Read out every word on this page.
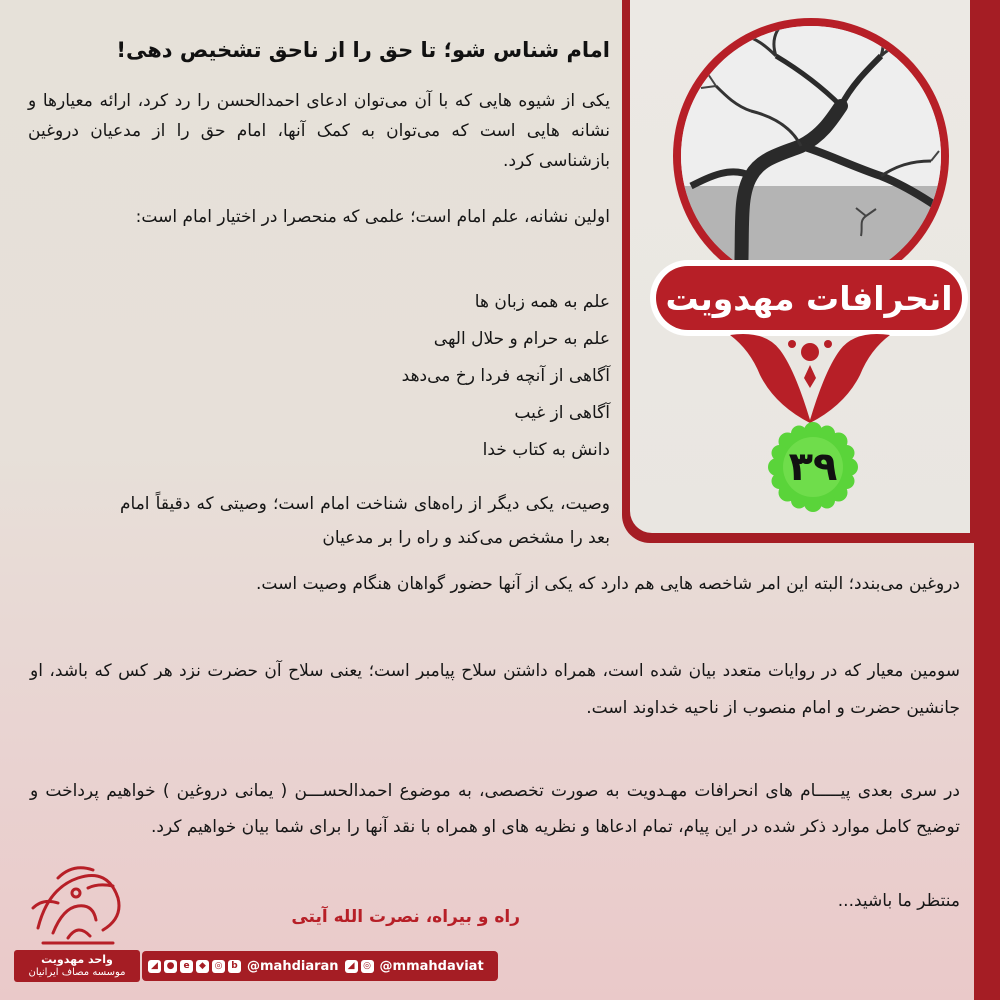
انحرافات مهدویت
۳۹
امام شناس شو؛ تا حق را از ناحق تشخیص دهی!
یکی از شیوه هایی که با آن می‌توان ادعای احمدالحسن را رد کرد، ارائه معیارها و نشانه هایی است که می‌توان به کمک آنها، امام حق را از مدعیان دروغین بازشناسی کرد.
اولین نشانه، علم امام است؛ علمی که منحصرا در اختیار امام است:
علم به همه زبان ها
علم به حرام و حلال الهی
آگاهی از آنچه فردا رخ می‌دهد
آگاهی از غیب
دانش به کتاب خدا
وصیت، یکی دیگر از راه‌های شناخت امام است؛ وصیتی که دقیقاً امام بعد را مشخص می‌کند و راه را بر مدعیان
دروغین می‌بندد؛ البته این امر شاخصه هایی هم دارد که یکی از آنها حضور گواهان هنگام وصیت است.
سومین معیار که در روایات متعدد بیان شده است، همراه داشتن سلاح پیامبر است؛ یعنی سلاح آن حضرت نزد هر کس که باشد، او جانشین حضرت و امام منصوب از ناحیه خداوند است.
در سری بعدی پیـــــام های انحرافات مهـدویت به صورت تخصصی، به موضوع احمدالحســـن ( یمانی دروغین ) خواهیم پرداخت و توضیح کامل موارد ذکر شده در این پیام، تمام ادعاها و نظریه های او همراه با نقد آنها را برای شما بیان خواهیم کرد.
منتظر ما باشید...
راه و بیراه، نصرت الله آیتی
واحد مهدویت
موسسه مصاف ایرانیان
◢ ●	e	◆ ◎ b @mahdiaran	◢ ◎ @mmahdaviat
